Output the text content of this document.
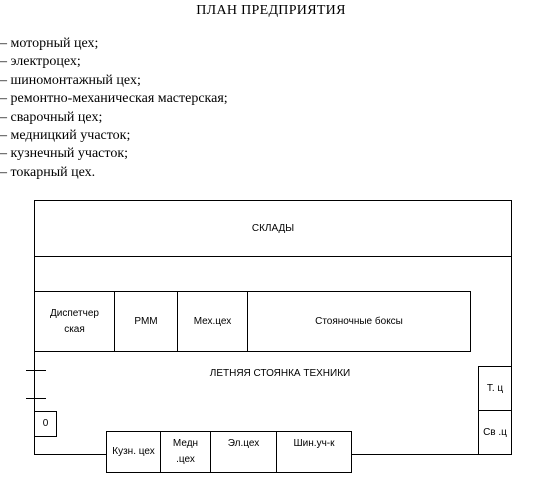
ПЛАН ПРЕДПРИЯТИЯ
– моторный цех;
– электроцех;
– шиномонтажный цех;
– ремонтно-механическая мастерская;
– сварочный цех;
– медницкий участок;
– кузнечный участок;
– токарный цех.
СКЛАДЫ
Диспетчер ская
РММ	Мех.цех	Стояночные боксы
ЛЕТНЯЯ СТОЯНКА ТЕХНИКИ
Т. ц
Св .ц
0
Кузн. цех
Медн .цех
Эл.цех	Шин.уч-к
